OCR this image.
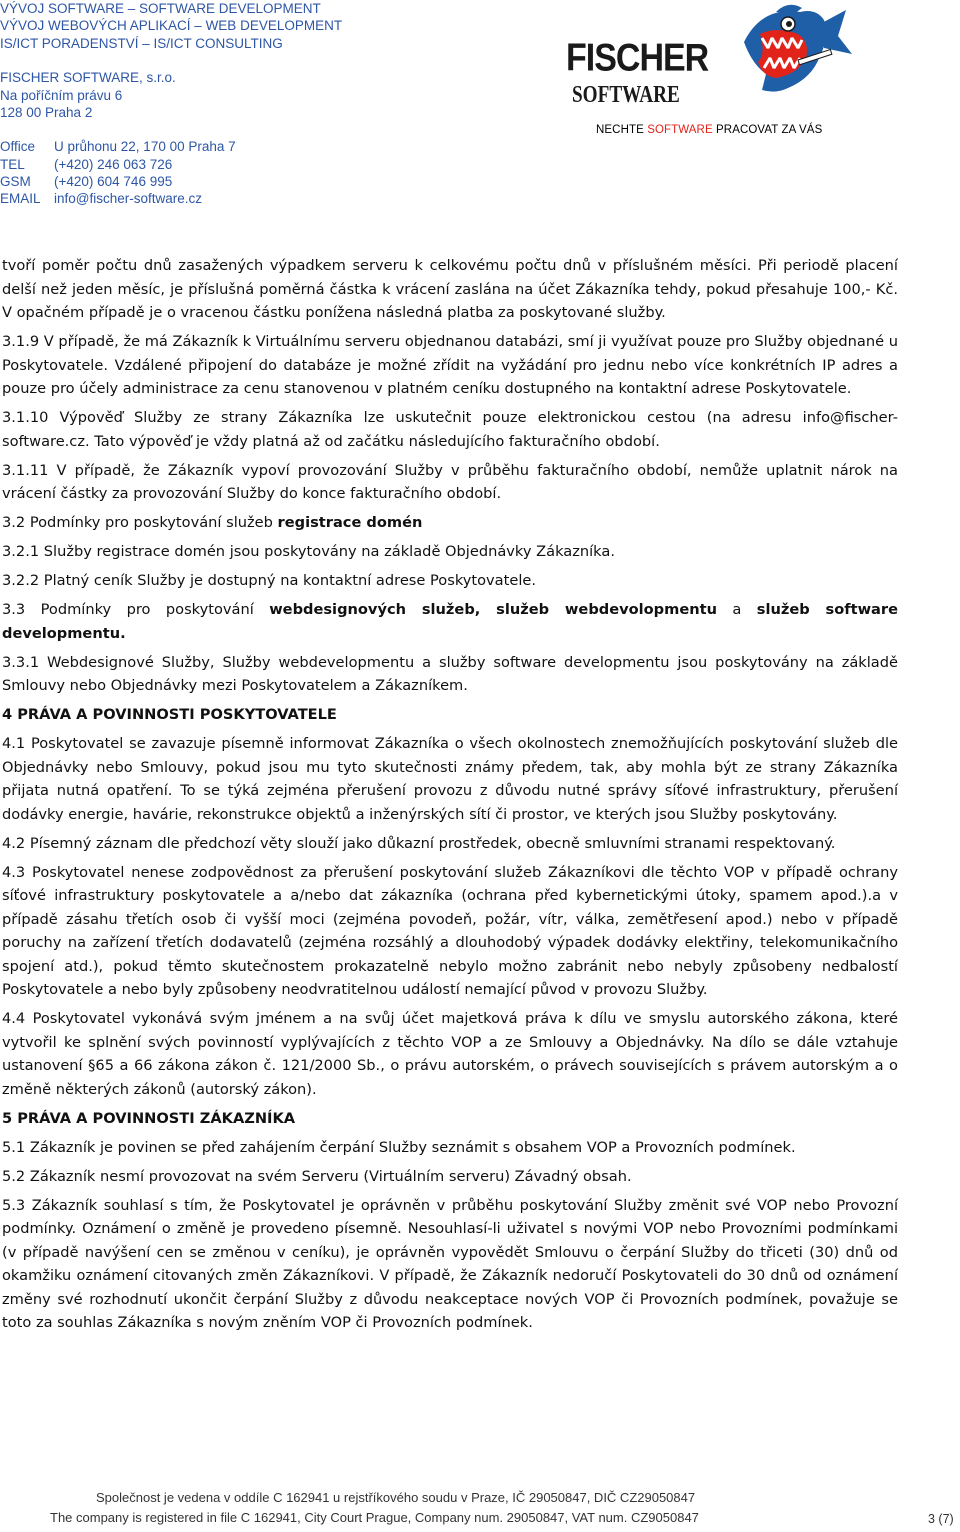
VÝVOJ SOFTWARE – SOFTWARE DEVELOPMENT
VÝVOJ WEBOVÝCH APLIKACÍ – WEB DEVELOPMENT
IS/ICT PORADENSTVÍ – IS/ICT CONSULTING
FISCHER SOFTWARE, s.r.o.
Na poříčním právu 6
128 00 Praha 2
Office U průhonu 22, 170 00 Praha 7
TEL (+420) 246 063 726
GSM (+420) 604 746 995
EMAIL info@fischer-software.cz
FISCHER
SOFTWARE
NECHTE SOFTWARE PRACOVAT ZA VÁS

tvoří poměr počtu dnů zasažených výpadkem serveru k celkovému počtu dnů v příslušném měsíci. Při periodě placení delší než jeden měsíc, je příslušná poměrná částka k vrácení zaslána na účet Zákazníka tehdy, pokud přesahuje 100,- Kč. V opačném případě je o vracenou částku ponížena následná platba za poskytované služby.

3.1.9 V případě, že má Zákazník k Virtuálnímu serveru objednanou databázi, smí ji využívat pouze pro Služby objednané u Poskytovatele. Vzdálené připojení do databáze je možné zřídit na vyžádání pro jednu nebo více konkrétních IP adres a pouze pro účely administrace za cenu stanovenou v platném ceníku dostupného na kontaktní adrese Poskytovatele.

3.1.10 Výpověď Služby ze strany Zákazníka lze uskutečnit pouze elektronickou cestou (na adresu info@fischer-software.cz. Tato výpověď je vždy platná až od začátku následujícího fakturačního období.

3.1.11 V případě, že Zákazník vypoví provozování Služby v průběhu fakturačního období, nemůže uplatnit nárok na vrácení částky za provozování Služby do konce fakturačního období.

3.2 Podmínky pro poskytování služeb registrace domén

3.2.1 Služby registrace domén jsou poskytovány na základě Objednávky Zákazníka.

3.2.2 Platný ceník Služby je dostupný na kontaktní adrese Poskytovatele.

3.3 Podmínky pro poskytování webdesignových služeb, služeb webdevolopmentu a služeb software developmentu.

3.3.1 Webdesignové Služby, Služby webdevelopmentu a služby software developmentu jsou poskytovány na základě Smlouvy nebo Objednávky mezi Poskytovatelem a Zákazníkem.

4 PRÁVA A POVINNOSTI POSKYTOVATELE

4.1 Poskytovatel se zavazuje písemně informovat Zákazníka o všech okolnostech znemožňujících poskytování služeb dle Objednávky nebo Smlouvy, pokud jsou mu tyto skutečnosti známy předem, tak, aby mohla být ze strany Zákazníka přijata nutná opatření. To se týká zejména přerušení provozu z důvodu nutné správy síťové infrastruktury, přerušení dodávky energie, havárie, rekonstrukce objektů a inženýrských sítí či prostor, ve kterých jsou Služby poskytovány.

4.2 Písemný záznam dle předchozí věty slouží jako důkazní prostředek, obecně smluvními stranami respektovaný.

4.3 Poskytovatel nenese zodpovědnost za přerušení poskytování služeb Zákazníkovi dle těchto VOP v případě ochrany síťové infrastruktury poskytovatele a a/nebo dat zákazníka (ochrana před kybernetickými útoky, spamem apod.).a v případě zásahu třetích osob či vyšší moci (zejména povodeň, požár, vítr, válka, zemětřesení apod.) nebo v případě poruchy na zařízení třetích dodavatelů (zejména rozsáhlý a dlouhodobý výpadek dodávky elektřiny, telekomunikačního spojení atd.), pokud těmto skutečnostem prokazatelně nebylo možno zabránit nebo nebyly způsobeny nedbalostí Poskytovatele a nebo byly způsobeny neodvratitelnou událostí nemající původ v provozu Služby.

4.4 Poskytovatel vykonává svým jménem a na svůj účet majetková práva k dílu ve smyslu autorského zákona, které vytvořil ke splnění svých povinností vyplývajících z těchto VOP a ze Smlouvy a Objednávky. Na dílo se dále vztahuje ustanovení §65 a 66 zákona zákon č. 121/2000 Sb., o právu autorském, o právech souvisejících s právem autorským a o změně některých zákonů (autorský zákon).

5 PRÁVA A POVINNOSTI ZÁKAZNÍKA

5.1 Zákazník je povinen se před zahájením čerpání Služby seznámit s obsahem VOP a Provozních podmínek.

5.2 Zákazník nesmí provozovat na svém Serveru (Virtuálním serveru) Závadný obsah.

5.3 Zákazník souhlasí s tím, že Poskytovatel je oprávněn v průběhu poskytování Služby změnit své VOP nebo Provozní podmínky. Oznámení o změně je provedeno písemně. Nesouhlasí-li uživatel s novými VOP nebo Provozními podmínkami (v případě navýšení cen se změnou v ceníku), je oprávněn vypovědět Smlouvu o čerpání Služby do třiceti (30) dnů od okamžiku oznámení citovaných změn Zákazníkovi. V případě, že Zákazník nedoručí Poskytovateli do 30 dnů od oznámení změny své rozhodnutí ukončit čerpání Služby z důvodu neakceptace nových VOP či Provozních podmínek, považuje se toto za souhlas Zákazníka s novým zněním VOP či Provozních podmínek.

Společnost je vedena v oddíle C 162941 u rejstříkového soudu v Praze, IČ 29050847, DIČ CZ29050847
The company is registered in file C 162941, City Court Prague, Company num. 29050847, VAT num. CZ9050847	3 (7)
